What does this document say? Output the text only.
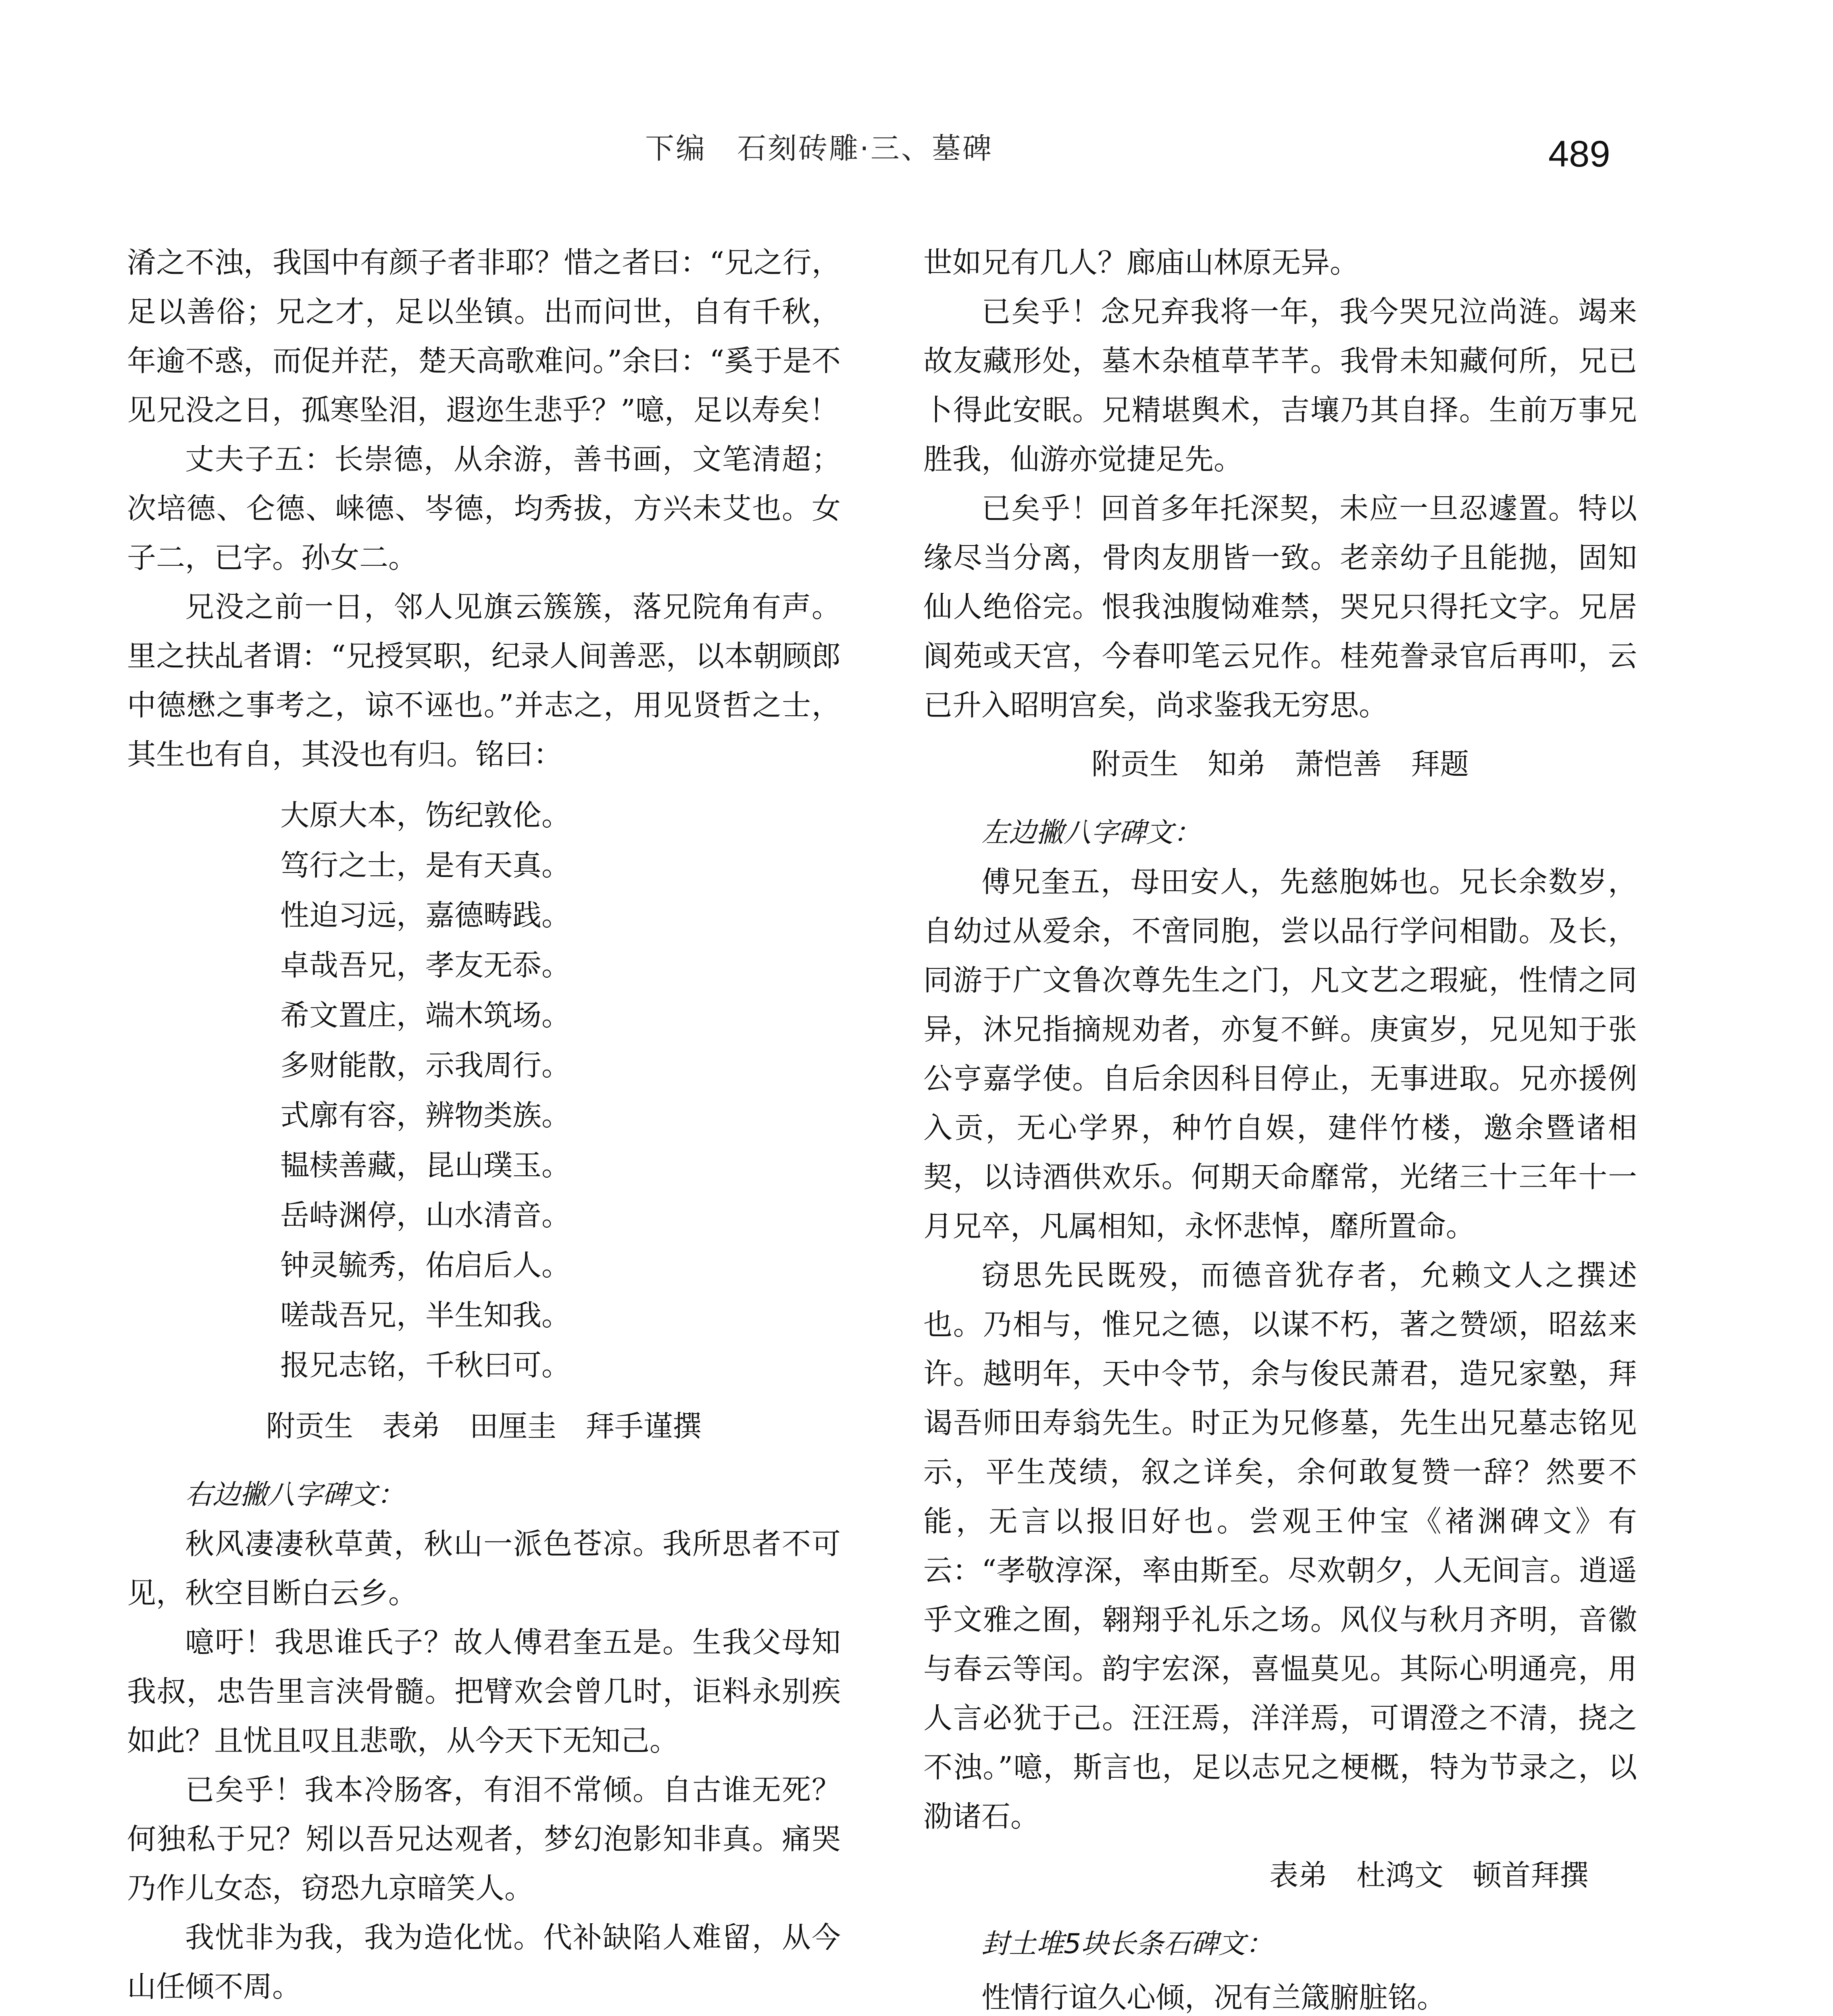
下编　石刻砖雕·三、墓碑	489

淆之不浊，我国中有颜子者非耶？惜之者曰：“兄之行，足以善俗；兄之才，足以坐镇。出而问世，自有千秋，年逾不惑，而促并茫，楚天高歌难问。”余曰：“奚于是不见兄没之日，孤寒坠泪，遐迩生悲乎？”噫，足以寿矣！

丈夫子五：长崇德，从余游，善书画，文笔清超；次培德、仑德、崃德、岑德，均秀拔，方兴未艾也。女子二，已字。孙女二。

兄没之前一日，邻人见旗云簇簇，落兄院角有声。里之扶乩者谓：“兄授冥职，纪录人间善恶，以本朝顾郎中德懋之事考之，谅不诬也。”并志之，用见贤哲之士，其生也有自，其没也有归。铭曰：

大原大本，饬纪敦伦。

笃行之士，是有天真。

性迫习远，嘉德畴践。

卓哉吾兄，孝友无忝。

希文置庄，端木筑场。

多财能散，示我周行。

式廓有容，辨物类族。

韫椟善藏，昆山璞玉。

岳峙渊停，山水清音。

钟灵毓秀，佑启后人。

嗟哉吾兄，半生知我。

报兄志铭，千秋曰可。

附贡生　表弟　田厘圭　拜手谨撰
右边撇八字碑文：

秋风凄凄秋草黄，秋山一派色苍凉。我所思者不可见，秋空目断白云乡。

噫吁！我思谁氏子？故人傅君奎五是。生我父母知我叔，忠告里言浃骨髓。把臂欢会曾几时，讵料永别疾如此？且忧且叹且悲歌，从今天下无知己。

已矣乎！我本冷肠客，有泪不常倾。自古谁无死？何独私于兄？矧以吾兄达观者，梦幻泡影知非真。痛哭乃作儿女态，窃恐九京暗笑人。

我忧非为我，我为造化忧。代补缺陷人难留，从今山任倾不周。

世如兄有几人？廊庙山林原无异。

已矣乎！念兄弃我将一年，我今哭兄泣尚涟。竭来故友藏形处，墓木杂植草芊芊。我骨未知藏何所，兄已卜得此安眠。兄精堪舆术，吉壤乃其自择。生前万事兄胜我，仙游亦觉捷足先。

已矣乎！回首多年托深契，未应一旦忍遽置。特以缘尽当分离，骨肉友朋皆一致。老亲幼子且能抛，固知仙人绝俗完。恨我浊腹恸难禁，哭兄只得托文字。兄居阆苑或天宫，今春叩笔云兄作。桂苑誊录官后再叩，云已升入昭明宫矣，尚求鉴我无穷思。

附贡生　知弟　萧恺善　拜题
左边撇八字碑文：

傅兄奎五，母田安人，先慈胞姊也。兄长余数岁，自幼过从爱余，不啻同胞，尝以品行学问相勖。及长，同游于广文鲁次尊先生之门，凡文艺之瑕疵，性情之同异，沐兄指摘规劝者，亦复不鲜。庚寅岁，兄见知于张公亨嘉学使。自后余因科目停止，无事进取。兄亦援例入贡，无心学界，种竹自娱，建伴竹楼，邀余暨诸相契，以诗酒供欢乐。何期天命靡常，光绪三十三年十一月兄卒，凡属相知，永怀悲悼，靡所置命。

窃思先民既殁，而德音犹存者，允赖文人之撰述也。乃相与，惟兄之德，以谋不朽，著之赞颂，昭兹来许。越明年，天中令节，余与俊民萧君，造兄家塾，拜谒吾师田寿翁先生。时正为兄修墓，先生出兄墓志铭见示，平生茂绩，叙之详矣，余何敢复赞一辞？然要不能，无言以报旧好也。尝观王仲宝《褚渊碑文》有云：“孝敬淳深，率由斯至。尽欢朝夕，人无间言。逍遥乎文雅之囿，翱翔乎礼乐之场。风仪与秋月齐明，音徽与春云等闰。韵宇宏深，喜愠莫见。其际心明通亮，用人言必犹于己。汪汪焉，洋洋焉，可谓澄之不清，挠之不浊。”噫，斯言也，足以志兄之梗概，特为节录之，以泐诸石。

表弟　杜鸿文　顿首拜撰
封土堆5块长条石碑文：

性情行谊久心倾，况有兰箴腑脏铭。
